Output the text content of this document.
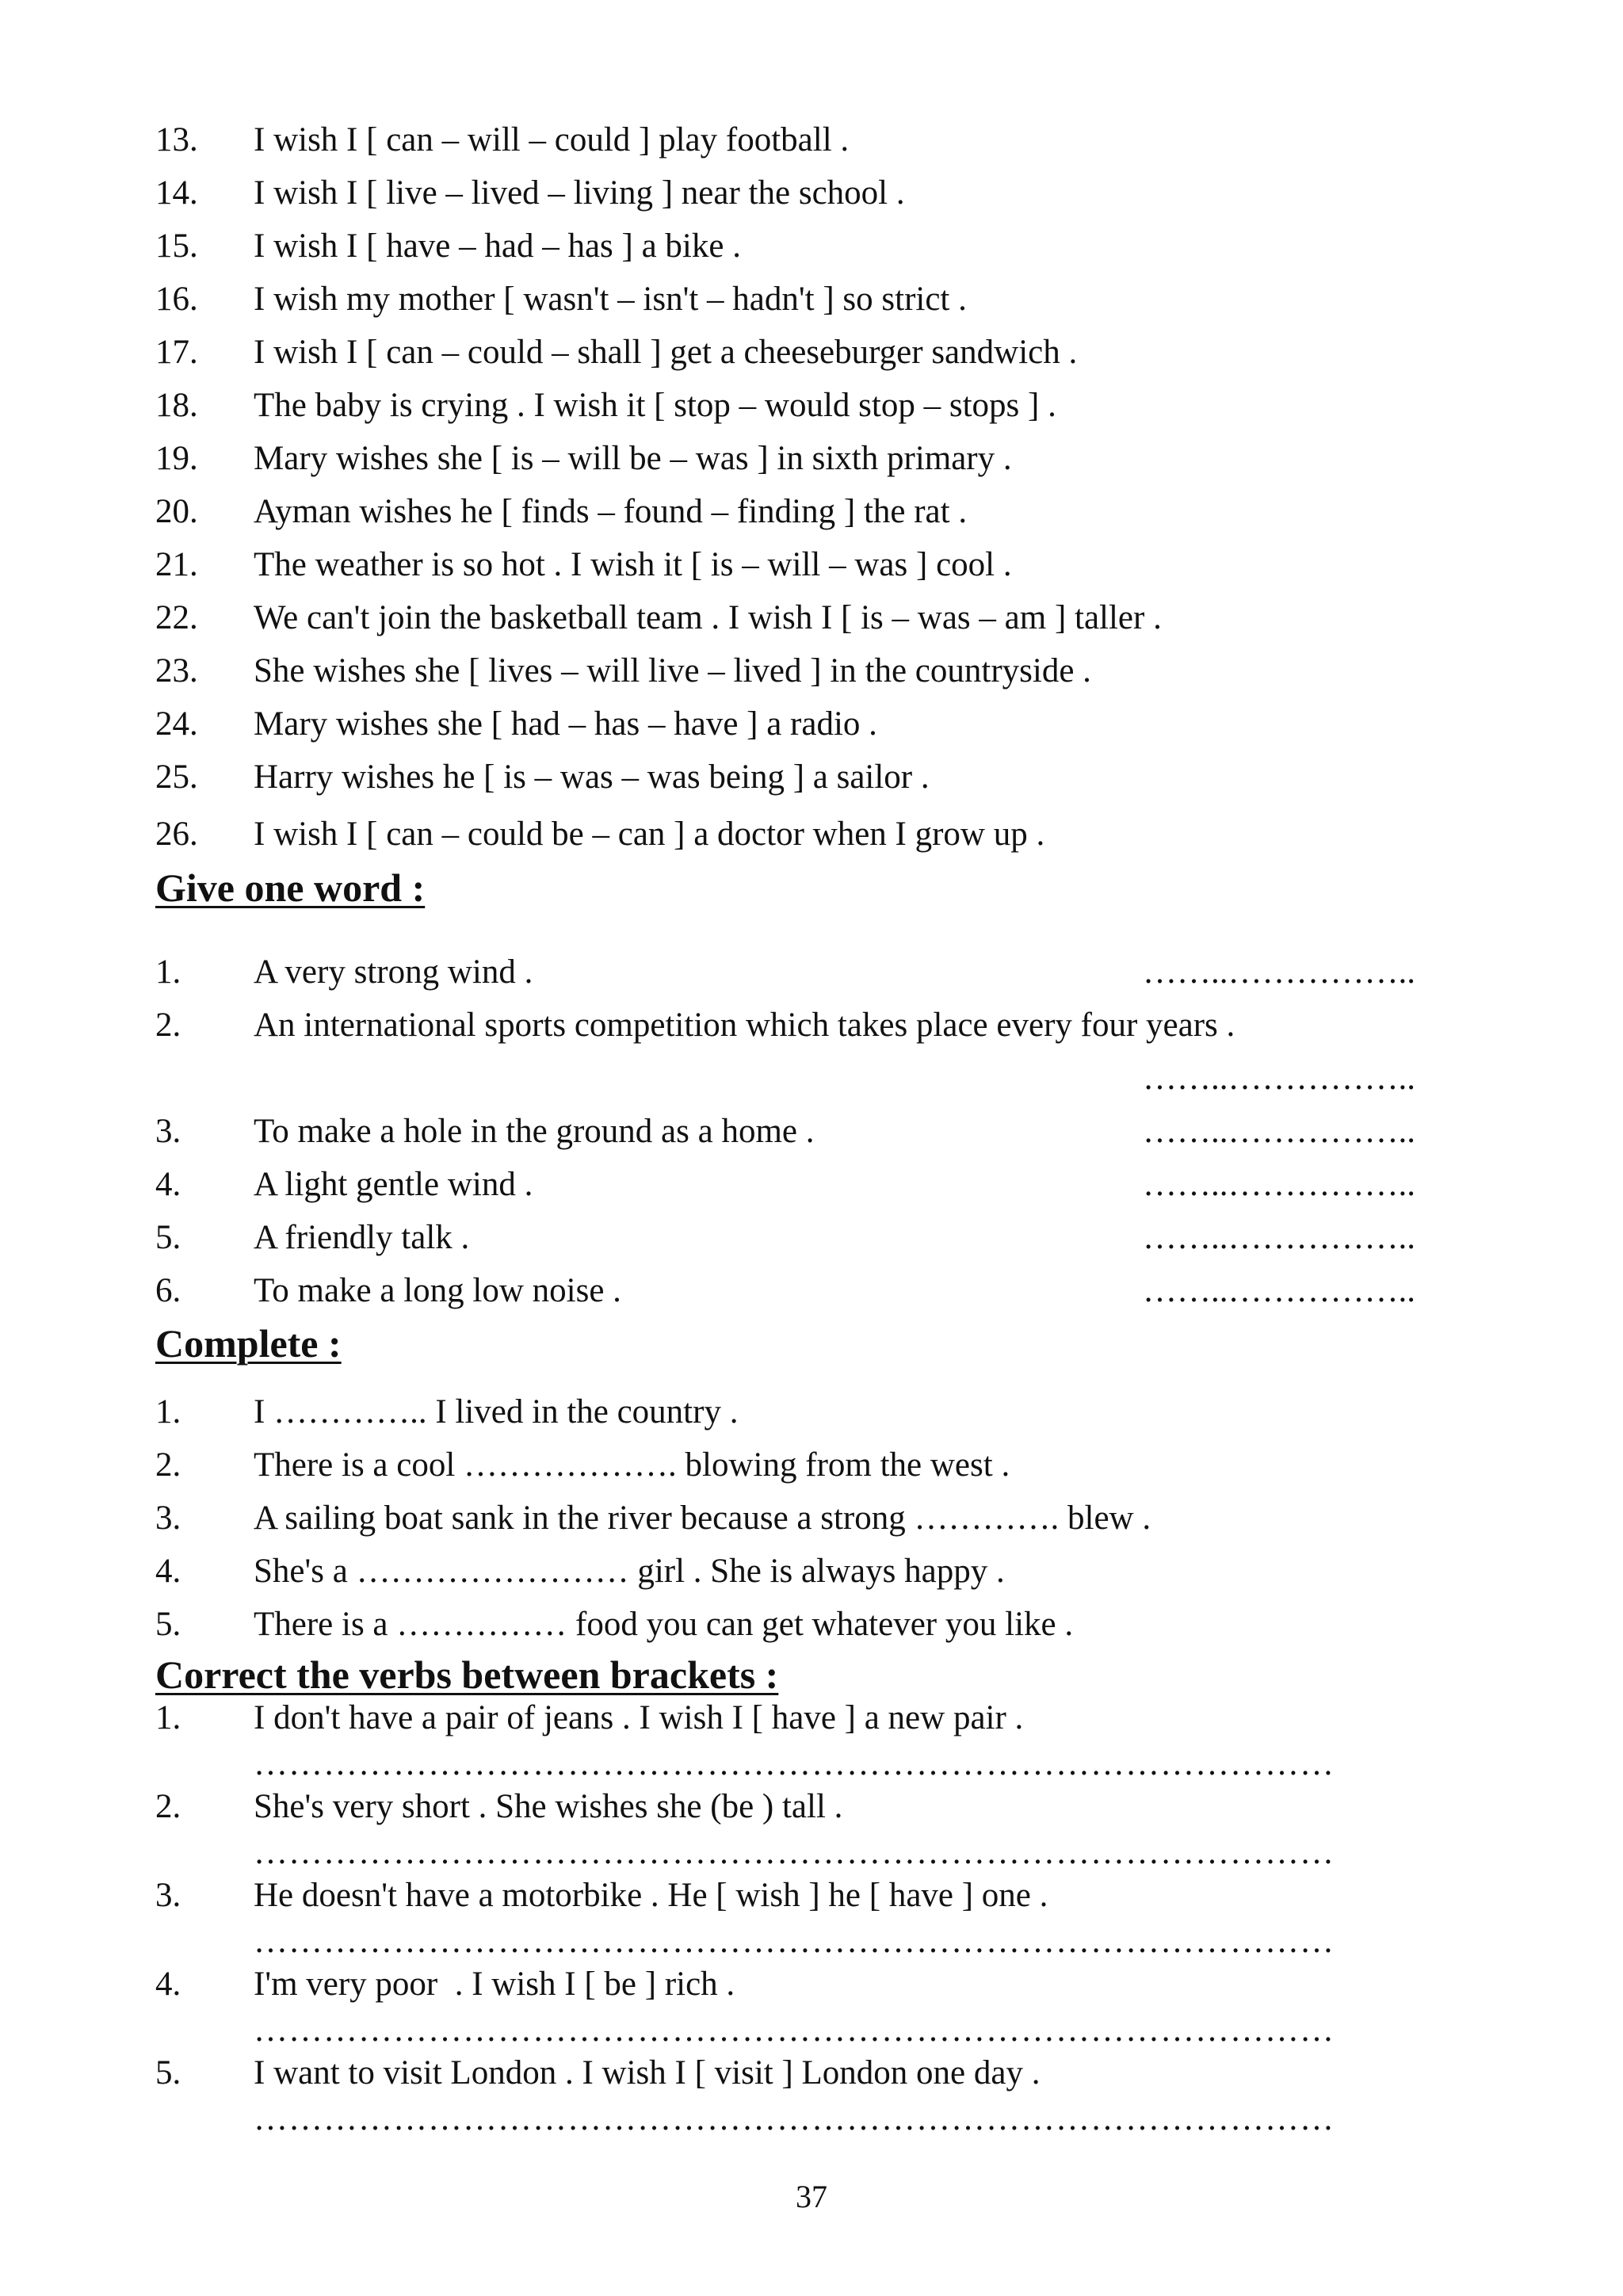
13. I wish I [ can – will – could ] play football .
14. I wish I [ live – lived – living ] near the school .
15. I wish I [ have – had – has ] a bike .
16. I wish my mother [ wasn't – isn't – hadn't ] so strict .
17. I wish I [ can – could – shall ] get a cheeseburger sandwich .
18. The baby is crying . I wish it [ stop – would stop – stops ] .
19. Mary wishes she [ is – will be – was ] in sixth primary .
20. Ayman wishes he [ finds – found – finding ] the rat .
21. The weather is so hot . I wish it [ is – will – was ] cool .
22. We can't join the basketball team . I wish I [ is – was – am ] taller .
23. She wishes she [ lives – will live – lived ] in the countryside .
24. Mary wishes she [ had – has – have ] a radio .
25. Harry wishes he [ is – was – was being ] a sailor .
26. I wish I [ can – could be – can ] a doctor when I grow up .
Give one word :
1. A very strong wind .	……..……………..
2. An international sports competition which takes place every four years .
……..……………..
3. To make a hole in the ground as a home .	……..……………..
4. A light gentle wind .	……..……………..
5. A friendly talk .	……..……………..
6. To make a long low noise .	……..……………..
Complete :
1. I ………….. I lived in the country .
2. There is a cool ………………. blowing from the west .
3. A sailing boat sank in the river because a strong …………. blew .
4. She's a …………………… girl . She is always happy .
5. There is a …………… food you can get whatever you like .
Correct the verbs between brackets :
1. I don't have a pair of jeans . I wish I [ have ] a new pair .
…………………………………………………………………………………
2. She's very short . She wishes she (be ) tall .
…………………………………………………………………………………
3. He doesn't have a motorbike . He [ wish ] he [ have ] one .
…………………………………………………………………………………
4. I'm very poor  . I wish I [ be ] rich .
…………………………………………………………………………………
5. I want to visit London . I wish I [ visit ] London one day .
…………………………………………………………………………………
37
